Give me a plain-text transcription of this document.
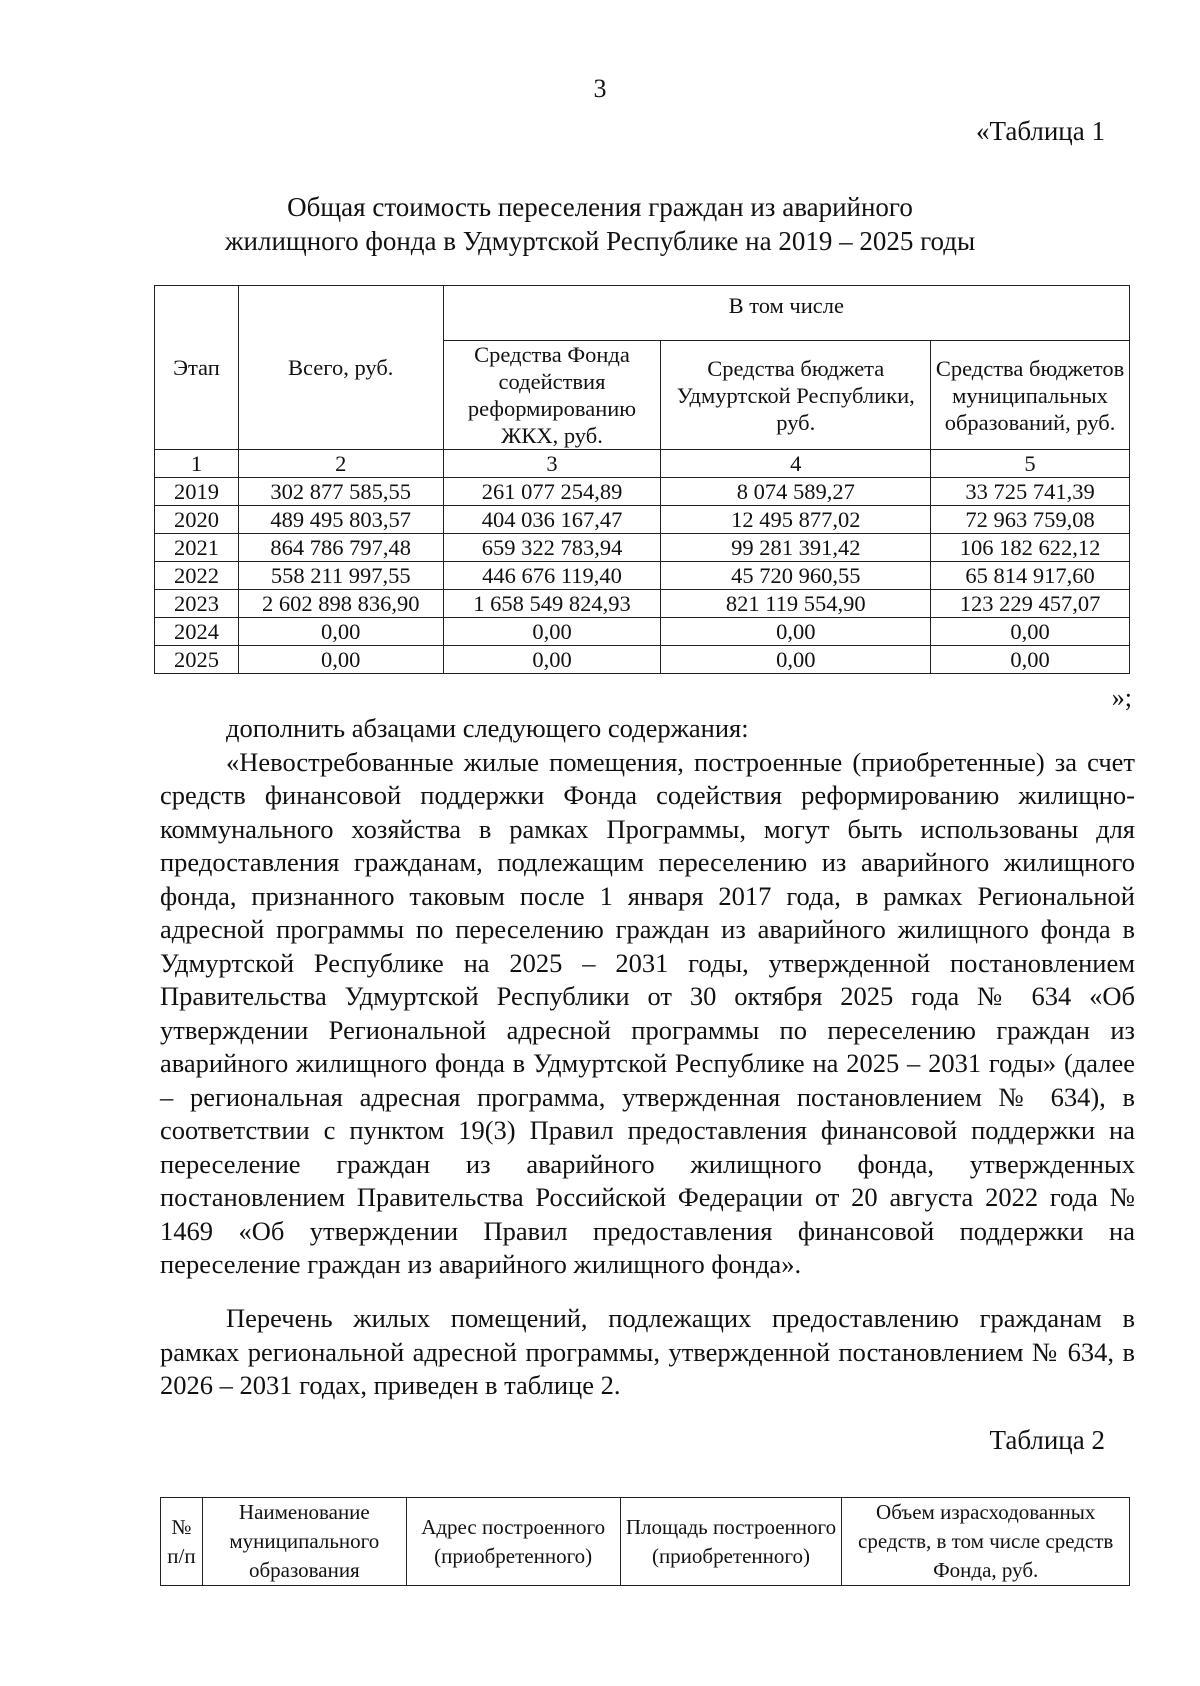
3
«Таблица 1
Общая стоимость переселения граждан из аварийного
жилищного фонда в Удмуртской Республике на 2019 – 2025 годы
Этап	Всего, руб.	В том числе		
		Средства Фонда содействия реформированию ЖКХ, руб.	Средства бюджета Удмуртской Республики, руб.	Средства бюджетов муниципальных образований, руб.
1	2	3	4	5
2019	302 877 585,55	261 077 254,89	8 074 589,27	33 725 741,39
2020	489 495 803,57	404 036 167,47	12 495 877,02	72 963 759,08
2021	864 786 797,48	659 322 783,94	99 281 391,42	106 182 622,12
2022	558 211 997,55	446 676 119,40	45 720 960,55	65 814 917,60
2023	2 602 898 836,90	1 658 549 824,93	821 119 554,90	123 229 457,07
2024	0,00	0,00	0,00	0,00
2025	0,00	0,00	0,00	0,00
»;

дополнить абзацами следующего содержания:

«Невостребованные жилые помещения, построенные (приобретенные) за счет средств финансовой поддержки Фонда содействия реформированию жилищно-коммунального хозяйства в рамках Программы, могут быть использованы для предоставления гражданам, подлежащим переселению из аварийного жилищного фонда, признанного таковым после 1 января 2017 года, в рамках Региональной адресной программы по переселению граждан из аварийного жилищного фонда в Удмуртской Республике на 2025 – 2031 годы, утвержденной постановлением Правительства Удмуртской Республики от 30 октября 2025 года № 634 «Об утверждении Региональной адресной программы по переселению граждан из аварийного жилищного фонда в Удмуртской Республике на 2025 – 2031 годы» (далее – региональная адресная программа, утвержденная постановлением № 634), в соответствии с пунктом 19(3) Правил предоставления финансовой поддержки на переселение граждан из аварийного жилищного фонда, утвержденных постановлением Правительства Российской Федерации от 20 августа 2022 года № 1469 «Об утверждении Правил предоставления финансовой поддержки на переселение граждан из аварийного жилищного фонда».

Перечень жилых помещений, подлежащих предоставлению гражданам в рамках региональной адресной программы, утвержденной постановлением № 634, в 2026 – 2031 годах, приведен в таблице 2.

Таблица 2
№ п/п	Наименование муниципального образования	Адрес построенного (приобретенного)	Площадь построенного (приобретенного)	Объем израсходованных средств, в том числе средств Фонда, руб.
